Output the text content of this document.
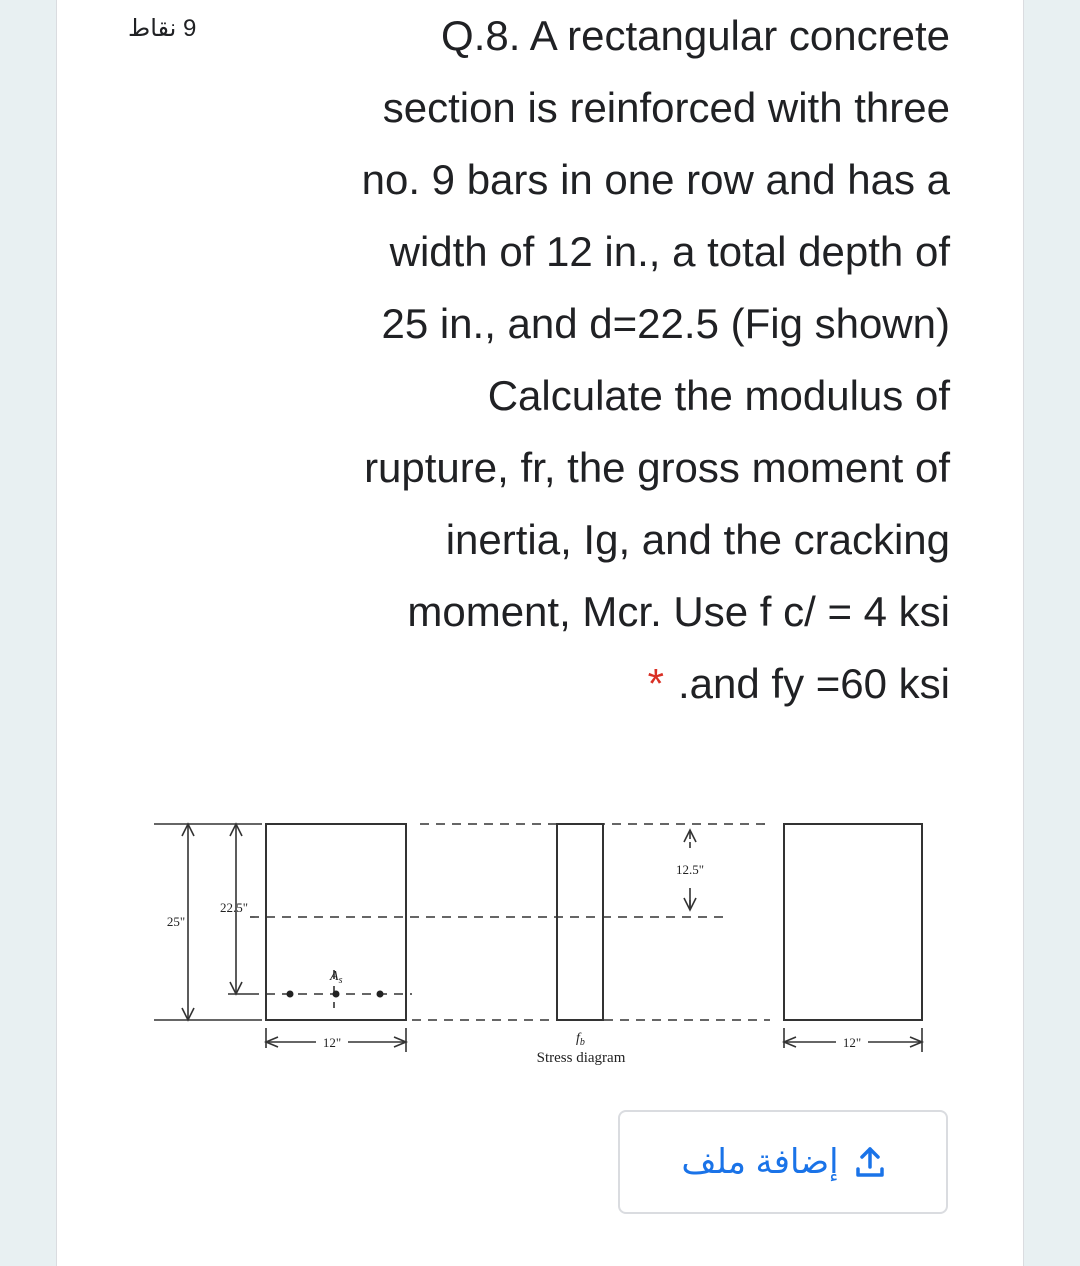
9 نقاط	Q.8. A rectangular concrete
section is reinforced with three
no. 9 bars in one row and has a
width of 12 in., a total depth of
25 in., and d=22.5 (Fig shown)
Calculate the modulus of
rupture, fr, the gross moment of
inertia, Ig, and the cracking
moment, Mcr. Use f c/ = 4 ksi
* .and fy =60 ksi
25"
22.5"
$A_s$
12"	$f_b$
Stress diagram
12.5"
12"
إضافة ملف
